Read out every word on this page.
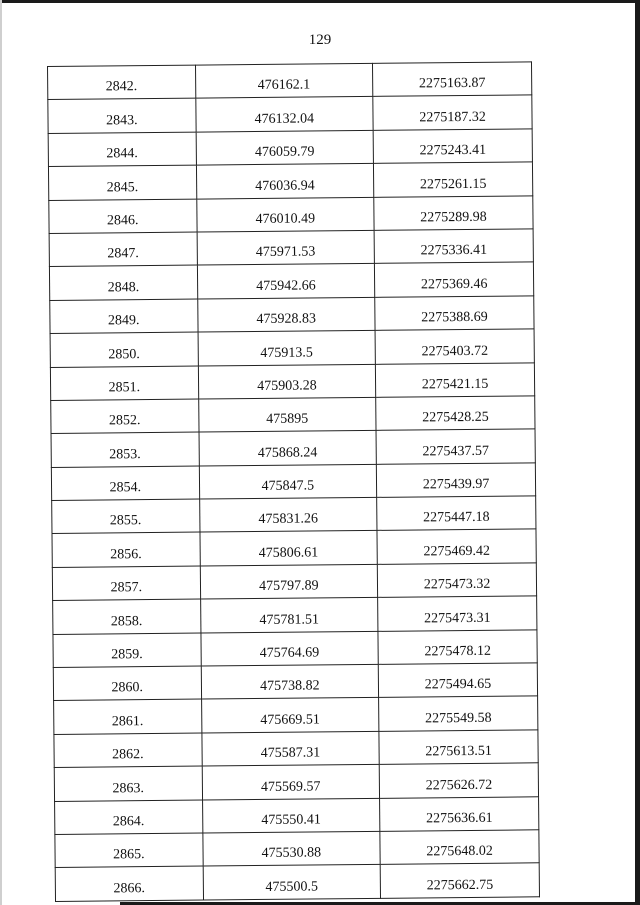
129
2842.	476162.1	2275163.87
2843.	476132.04	2275187.32
2844.	476059.79	2275243.41
2845.	476036.94	2275261.15
2846.	476010.49	2275289.98
2847.	475971.53	2275336.41
2848.	475942.66	2275369.46
2849.	475928.83	2275388.69
2850.	475913.5	2275403.72
2851.	475903.28	2275421.15
2852.	475895	2275428.25
2853.	475868.24	2275437.57
2854.	475847.5	2275439.97
2855.	475831.26	2275447.18
2856.	475806.61	2275469.42
2857.	475797.89	2275473.32
2858.	475781.51	2275473.31
2859.	475764.69	2275478.12
2860.	475738.82	2275494.65
2861.	475669.51	2275549.58
2862.	475587.31	2275613.51
2863.	475569.57	2275626.72
2864.	475550.41	2275636.61
2865.	475530.88	2275648.02
2866.	475500.5	2275662.75
